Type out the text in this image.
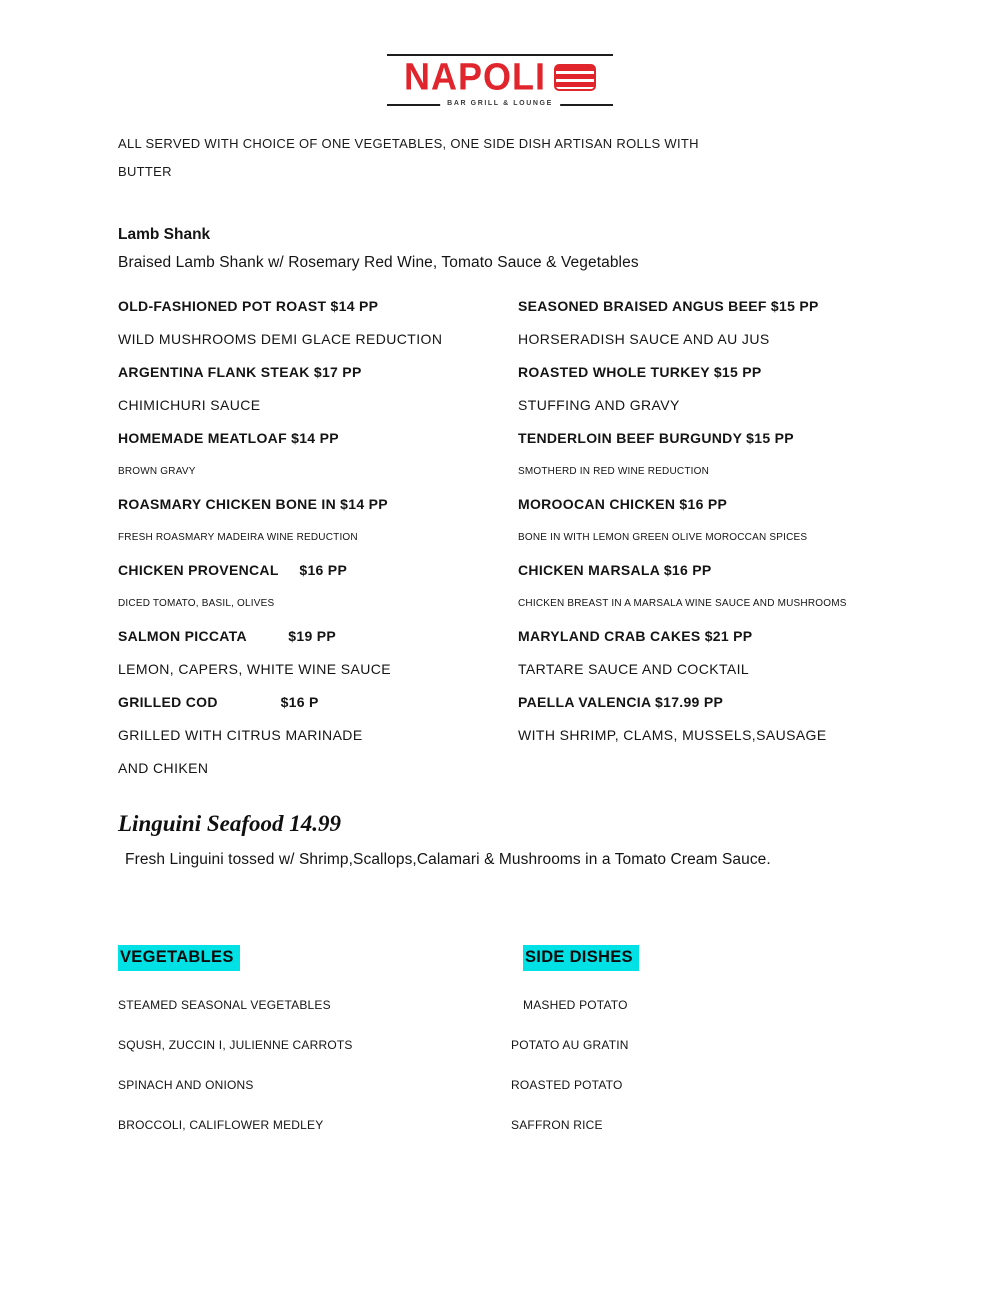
NAPOLI
BAR GRILL & LOUNGE
ALL SERVED WITH CHOICE OF ONE VEGETABLES, ONE SIDE DISH ARTISAN ROLLS WITH
BUTTER
Lamb Shank
Braised Lamb Shank w/ Rosemary Red Wine, Tomato Sauce & Vegetables
OLD-FASHIONED POT ROAST $14 PP
WILD MUSHROOMS DEMI GLACE REDUCTION
SEASONED BRAISED ANGUS BEEF $15 PP
HORSERADISH SAUCE AND AU JUS
ARGENTINA FLANK STEAK $17 PP
CHIMICHURI SAUCE
ROASTED WHOLE TURKEY $15 PP
STUFFING AND GRAVY
HOMEMADE MEATLOAF $14 PP
BROWN GRAVY
TENDERLOIN BEEF BURGUNDY $15 PP
SMOTHERD IN RED WINE REDUCTION
ROASMARY CHICKEN BONE IN $14 PP
FRESH ROASMARY MADEIRA WINE REDUCTION
MOROOCAN CHICKEN $16 PP
BONE IN WITH LEMON GREEN OLIVE MOROCCAN SPICES
CHICKEN PROVENCAL     $16 PP
DICED TOMATO, BASIL, OLIVES
CHICKEN MARSALA $16 PP
CHICKEN BREAST IN A MARSALA WINE SAUCE AND MUSHROOMS
SALMON PICCATA          $19 PP
LEMON, CAPERS, WHITE WINE SAUCE
MARYLAND CRAB CAKES $21 PP
TARTARE SAUCE AND COCKTAIL
GRILLED COD               $16 P
GRILLED WITH CITRUS MARINADE
AND CHIKEN
PAELLA VALENCIA $17.99 PP
WITH SHRIMP, CLAMS, MUSSELS,SAUSAGE
Linguini Seafood 14.99
Fresh Linguini tossed w/ Shrimp,Scallops,Calamari & Mushrooms in a Tomato Cream Sauce.
VEGETABLES
STEAMED SEASONAL VEGETABLES
SQUSH, ZUCCIN I, JULIENNE CARROTS
SPINACH AND ONIONS
BROCCOLI, CALIFLOWER MEDLEY
SIDE DISHES
MASHED POTATO
POTATO AU GRATIN
ROASTED POTATO
SAFFRON RICE
